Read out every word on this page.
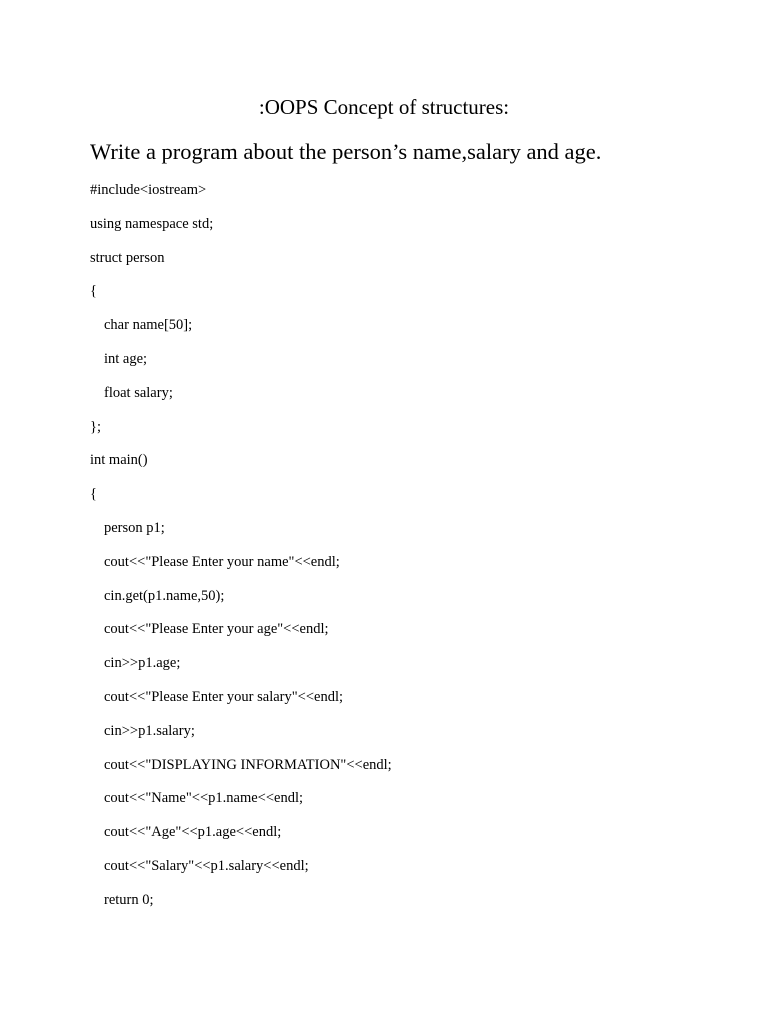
:OOPS Concept of structures:
Write a program about the person’s name,salary and age.
#include<iostream>
using namespace std;
struct person
{
char name[50];
int age;
float salary;
};
int main()
{
person p1;
cout<<"Please Enter your name"<<endl;
cin.get(p1.name,50);
cout<<"Please Enter your age"<<endl;
cin>>p1.age;
cout<<"Please Enter your salary"<<endl;
cin>>p1.salary;
cout<<"DISPLAYING INFORMATION"<<endl;
cout<<"Name"<<p1.name<<endl;
cout<<"Age"<<p1.age<<endl;
cout<<"Salary"<<p1.salary<<endl;
return 0;
